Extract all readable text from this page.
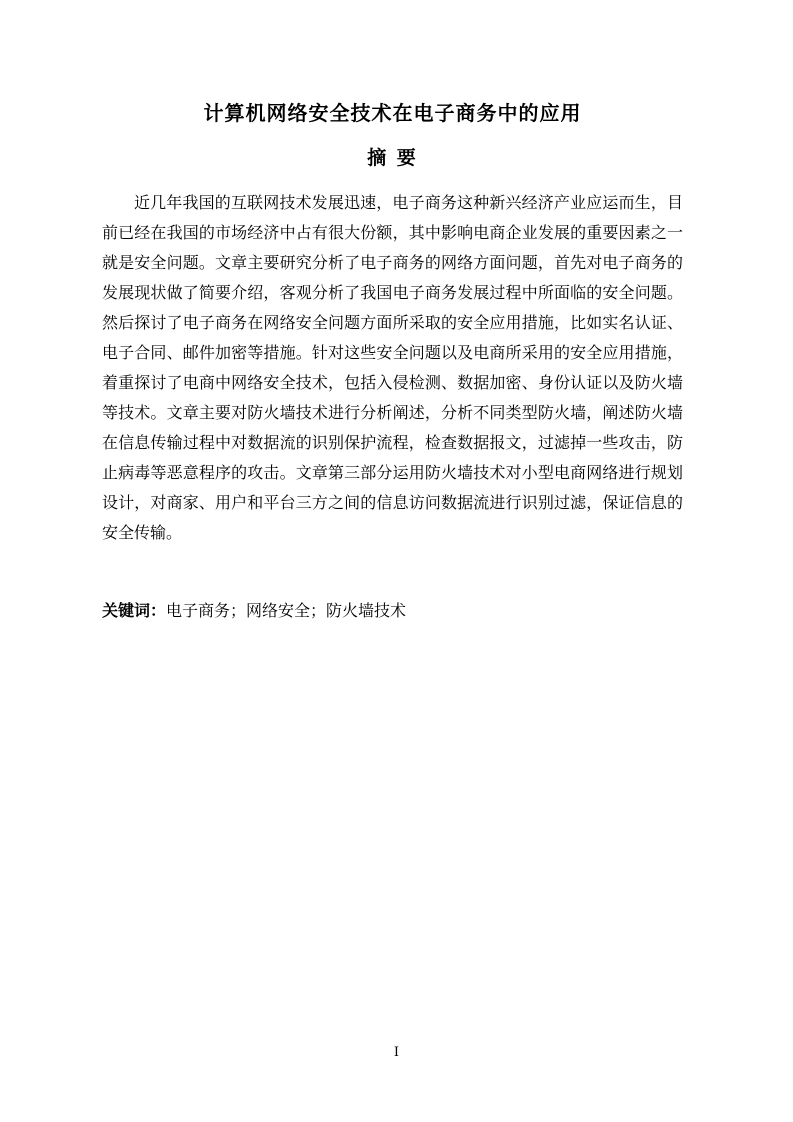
计算机网络安全技术在电子商务中的应用
摘 要

近几年我国的互联网技术发展迅速，电子商务这种新兴经济产业应运而生，目前已经在我国的市场经济中占有很大份额，其中影响电商企业发展的重要因素之一就是安全问题。文章主要研究分析了电子商务的网络方面问题，首先对电子商务的发展现状做了简要介绍，客观分析了我国电子商务发展过程中所面临的安全问题。然后探讨了电子商务在网络安全问题方面所采取的安全应用措施，比如实名认证、电子合同、邮件加密等措施。针对这些安全问题以及电商所采用的安全应用措施，着重探讨了电商中网络安全技术，包括入侵检测、数据加密、身份认证以及防火墙等技术。文章主要对防火墙技术进行分析阐述，分析不同类型防火墙，阐述防火墙在信息传输过程中对数据流的识别保护流程，检查数据报文，过滤掉一些攻击，防止病毒等恶意程序的攻击。文章第三部分运用防火墙技术对小型电商网络进行规划设计，对商家、用户和平台三方之间的信息访问数据流进行识别过滤，保证信息的安全传输。

关键词：电子商务；网络安全；防火墙技术
I
